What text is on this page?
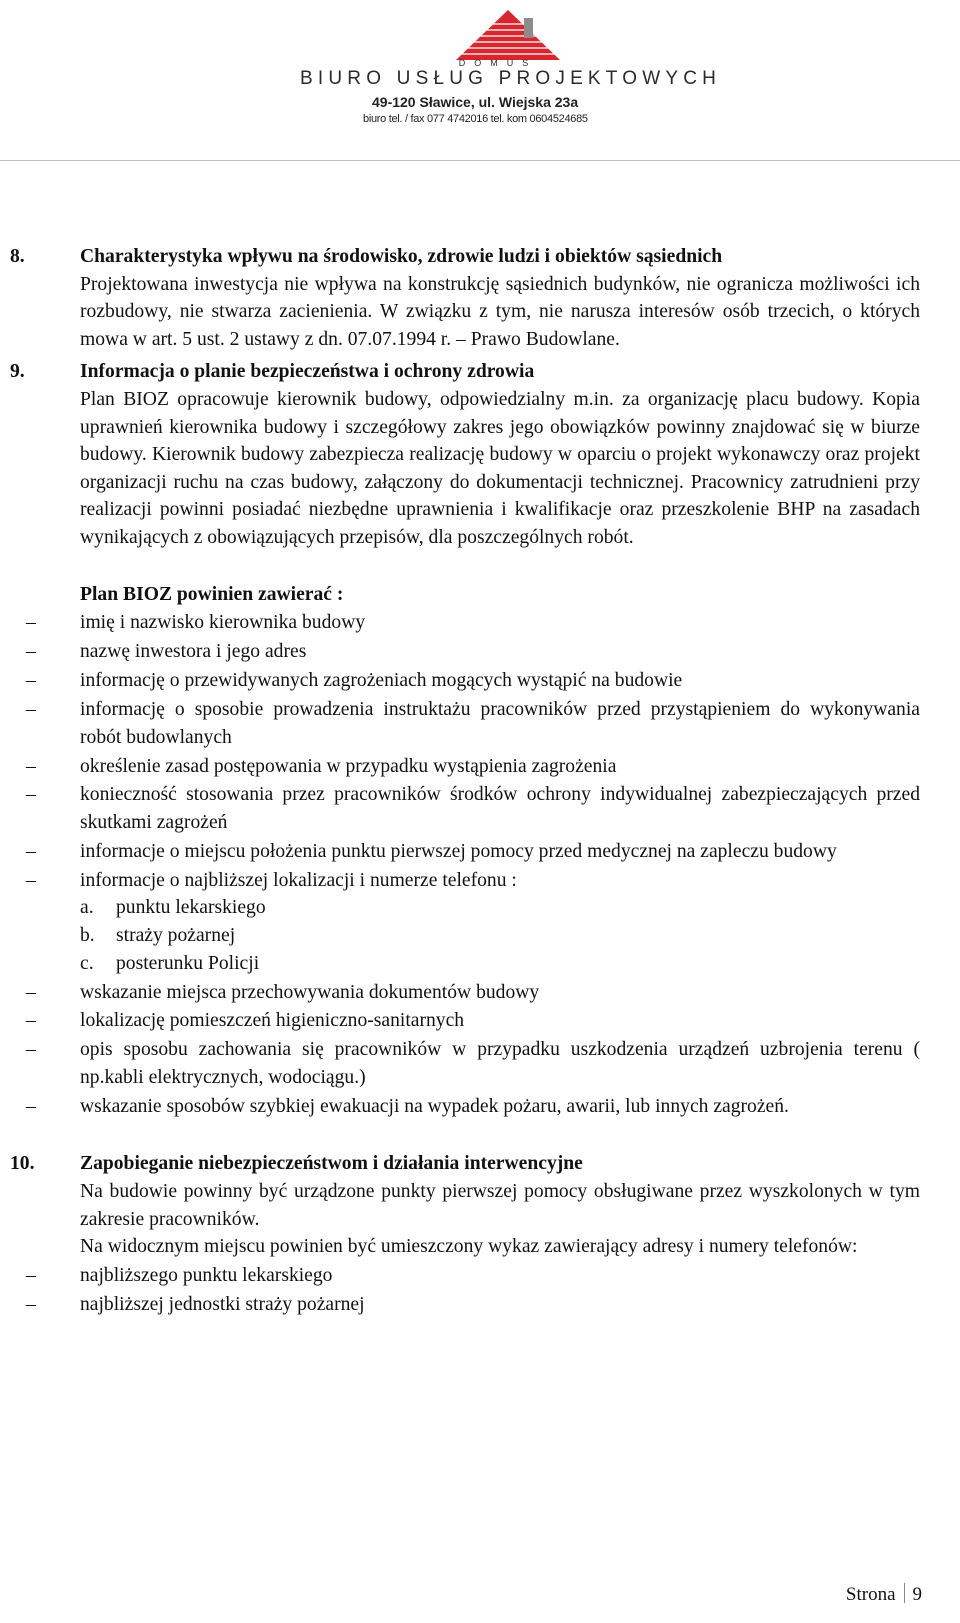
DOMUS
BIURO USŁUG PROJEKTOWYCH
49-120 Sławice, ul. Wiejska 23a
biuro tel. / fax 077 4742016 tel. kom 0604524685
8.	Charakterystyka wpływu na środowisko, zdrowie ludzi i obiektów sąsiednich
Projektowana inwestycja nie wpływa na konstrukcję sąsiednich budynków, nie ogranicza możliwości ich rozbudowy, nie stwarza zacienienia. W związku z tym, nie narusza interesów osób trzecich, o których mowa w art. 5 ust. 2 ustawy z dn. 07.07.1994 r. – Prawo Budowlane.
9.	Informacja o planie bezpieczeństwa i ochrony zdrowia
Plan BIOZ opracowuje kierownik budowy, odpowiedzialny m.in. za organizację placu budowy. Kopia uprawnień kierownika budowy i szczegółowy zakres jego obowiązków powinny znajdować się w biurze budowy. Kierownik budowy zabezpiecza realizację budowy w oparciu o projekt wykonawczy oraz projekt organizacji ruchu na czas budowy, załączony do dokumentacji technicznej. Pracownicy zatrudnieni przy realizacji powinni posiadać niezbędne uprawnienia i kwalifikacje oraz przeszkolenie BHP na zasadach wynikających z obowiązujących przepisów, dla poszczególnych robót.
Plan BIOZ powinien zawierać :
– imię i nazwisko kierownika budowy
– nazwę inwestora i jego adres
– informację o przewidywanych zagrożeniach mogących wystąpić na budowie
– informację o sposobie prowadzenia instruktażu pracowników przed przystąpieniem do wykonywania robót budowlanych
– określenie zasad postępowania w przypadku wystąpienia zagrożenia
– konieczność stosowania przez pracowników środków ochrony indywidualnej zabezpieczających przed skutkami zagrożeń
– informacje o miejscu położenia punktu pierwszej pomocy przed medycznej na zapleczu budowy
– informacje o najbliższej lokalizacji i numerze telefonu :
a. punktu lekarskiego
b. straży pożarnej
c. posterunku Policji
– wskazanie miejsca przechowywania dokumentów budowy
– lokalizację pomieszczeń higieniczno-sanitarnych
– opis sposobu zachowania się pracowników w przypadku uszkodzenia urządzeń uzbrojenia terenu ( np.kabli elektrycznych, wodociągu.)
– wskazanie sposobów szybkiej ewakuacji na wypadek pożaru, awarii, lub innych zagrożeń.
10. Zapobieganie niebezpieczeństwom i działania interwencyjne
Na budowie powinny być urządzone punkty pierwszej pomocy obsługiwane przez wyszkolonych w tym zakresie pracowników.
Na widocznym miejscu powinien być umieszczony wykaz zawierający adresy i numery telefonów:
– najbliższego punktu lekarskiego
– najbliższej jednostki straży pożarnej
Strona 9
